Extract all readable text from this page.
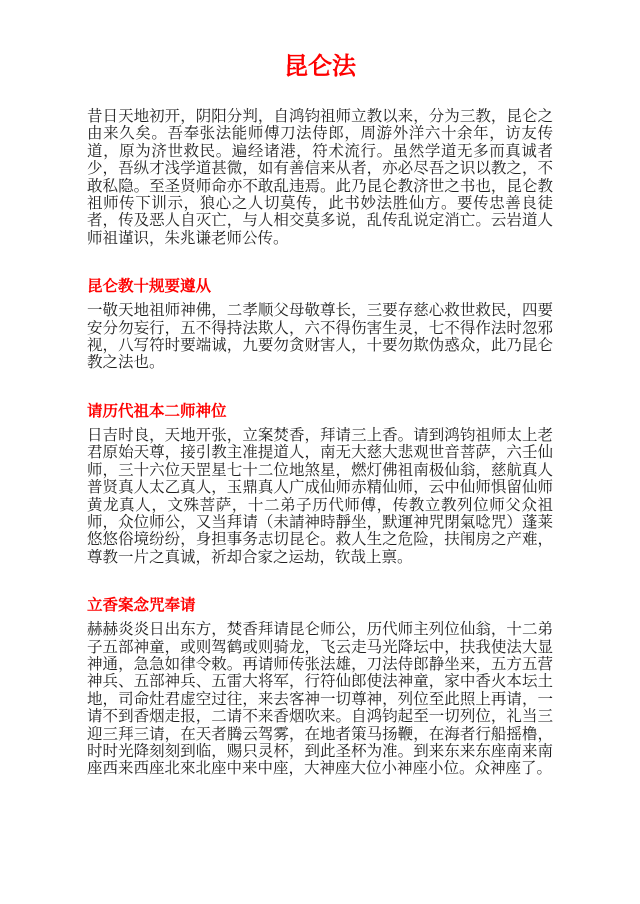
昆仑法

昔日天地初开，阴阳分判，自鸿钧祖师立教以来，分为三教，昆仑之由来久矣。吾奉张法能师傅刀法侍郎，周游外洋六十余年，访友传道，原为济世救民。遍经诸港，符术流行。虽然学道无多而真诚者少，吾纵才浅学道甚微，如有善信来从者，亦必尽吾之识以教之，不敢私隐。至圣贤师命亦不敢乱违焉。此乃昆仑教济世之书也，昆仑教祖师传下训示，狼心之人切莫传，此书妙法胜仙方。要传忠善良徒者，传及恶人自灭亡，与人相交莫多说，乱传乱说定消亡。云岩道人师祖谨识，朱兆谦老师公传。

昆仑教十规要遵从

一敬天地祖师神佛，二孝顺父母敬尊长，三要存慈心救世救民，四要安分勿妄行，五不得持法欺人，六不得伤害生灵，七不得作法时忽邪视，八写符时要端诚，九要勿贪财害人，十要勿欺伪惑众，此乃昆仑教之法也。

请历代祖本二师神位

日吉时良，天地开张，立案焚香，拜请三上香。请到鸿钧祖师太上老君原始天尊，接引教主准提道人，南无大慈大悲观世音菩萨，六壬仙师，三十六位天罡星七十二位地煞星，燃灯佛祖南极仙翁，慈航真人普贤真人太乙真人，玉鼎真人广成仙师赤精仙师，云中仙师惧留仙师黄龙真人，文殊菩萨，十二弟子历代师傅，传教立教列位师父众祖师，众位师公，又当拜请（未請神時靜坐，默運神咒閉氣唸咒）蓬莱悠悠俗境纷纷，身担事务志切昆仑。救人生之危险，扶闱房之产难，尊教一片之真诚，祈却合家之运劫，钦哉上禀。

立香案念咒奉请

赫赫炎炎日出东方，焚香拜请昆仑师公，历代师主列位仙翁，十二弟子五部神童，或则驾鹤或则骑龙，飞云走马光降坛中，扶我使法大显神通，急急如律令敕。再请师传张法雄，刀法侍郎静坐来，五方五营神兵、五部神兵、五雷大将军，行符仙郎使法神童，家中香火本坛土地，司命灶君虚空过往，来去客神一切尊神，列位至此照上再请，一请不到香烟走报，二请不来香烟吹来。自鸿钧起至一切列位，礼当三迎三拜三请，在天者腾云驾雾，在地者策马扬鞭，在海者行船摇橹，时时光降刻刻到临，赐只灵杯，到此圣杯为准。到来东来东座南来南座西来西座北來北座中来中座，大神座大位小神座小位。众神座了。
